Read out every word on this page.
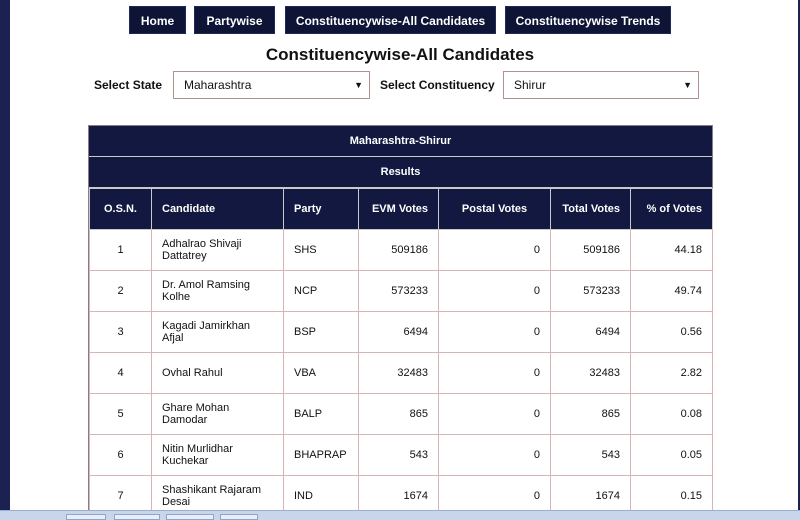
Home	Partywise	Constituencywise-All Candidates	Constituencywise Trends
Constituencywise-All Candidates
Select State	Maharashtra	▼ Select Constituency	Shirur	▼
Maharashtra-Shirur
Results
O.S.N.	Candidate	Party	EVM Votes	Postal Votes	Total Votes	% of Votes
1	Adhalrao Shivaji Dattatrey	SHS	509186	0	509186	44.18
2	Dr. Amol Ramsing Kolhe	NCP	573233	0	573233	49.74
3	Kagadi Jamirkhan Afjal	BSP	6494	0	6494	0.56
4	Ovhal Rahul	VBA	32483	0	32483	2.82
5	Ghare Mohan Damodar	BALP	865	0	865	0.08
6	Nitin Murlidhar Kuchekar	BHAPRAP	543	0	543	0.05
7	Shashikant Rajaram Desai	IND	1674	0	1674	0.15
